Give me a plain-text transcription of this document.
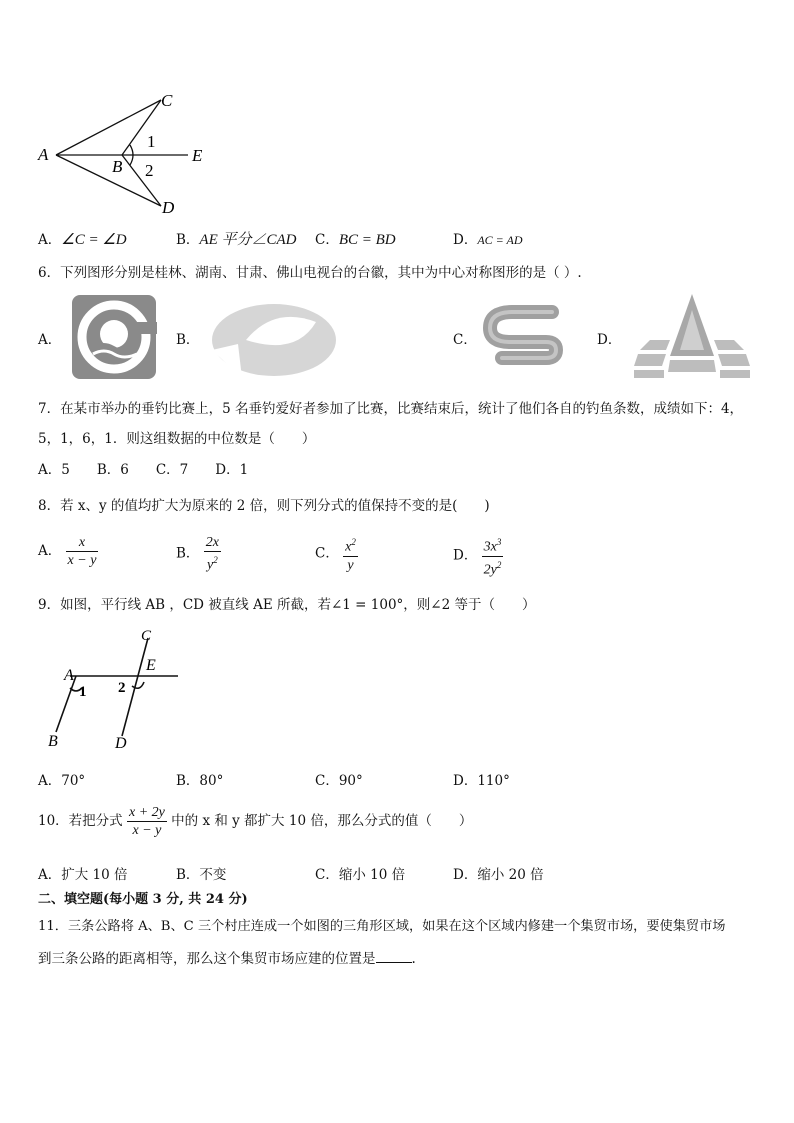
A
B
C
D
E
1
2
A．∠C = ∠D	B．AE 平分∠CAD C．BC = BD	D．AC = AD
6．下列图形分别是桂林、湖南、甘肃、佛山电视台的台徽，其中为中心对称图形的是（ ）.
A．	B．	C．	D．
7．在某市举办的垂钓比赛上，5 名垂钓爱好者参加了比赛，比赛结束后，统计了他们各自的钓鱼条数，成绩如下：4，
5，1，6，1．则这组数据的中位数是（　　）
A．5　　B．6　　C．7　　D．1
8．若 x、y 的值均扩大为原来的 2 倍，则下列分式的值保持不变的是(　　)
A． $\frac{x}{x - y}$	B． $\frac{2x}{y^2}$	C． $\frac{x^2}{y}$	D． $\frac{3x^3}{2y^2}$
9．如图，平行线 AB ，CD 被直线 AE 所截，若∠1 = 100°，则∠2 等于（　　）
A
B
C
D
E
1 2
A．70°	B．80°	C．90°	D．110°
10．若把分式 $\frac{x + 2y}{x - y}$ 中的 x 和 y 都扩大 10 倍，那么分式的值（　　）
A．扩大 10 倍	B．不变	C．缩小 10 倍	D．缩小 20 倍
二、填空题(每小题 3 分, 共 24 分)
11．三条公路将 A、B、C 三个村庄连成一个如图的三角形区域，如果在这个区域内修建一个集贸市场，要使集贸市场
到三条公路的距离相等，那么这个集贸市场应建的位置是	.
